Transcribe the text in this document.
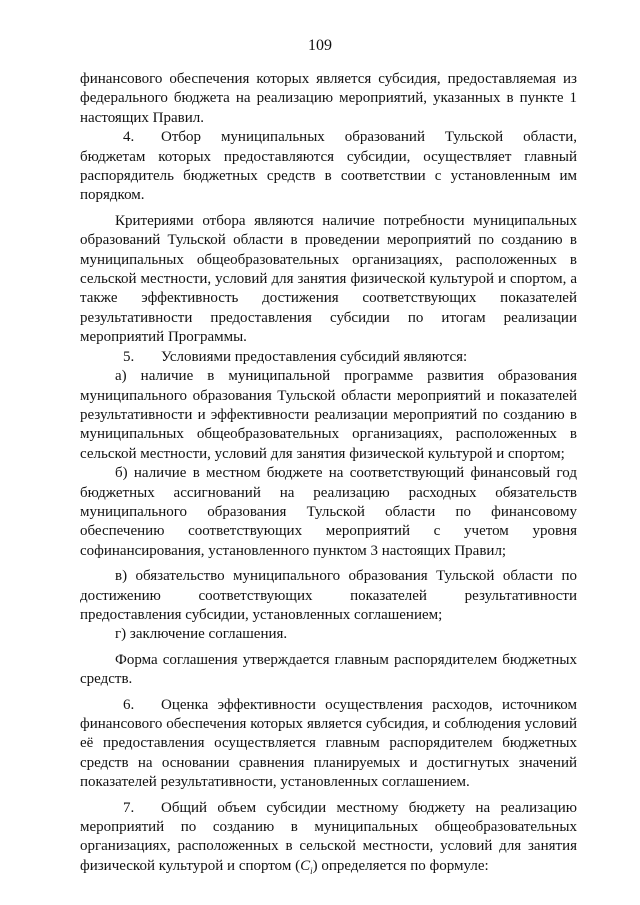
109

финансового обеспечения которых является субсидия, предоставляемая из федерального бюджета на реализацию мероприятий, указанных в пункте 1 настоящих Правил.

4. Отбор муниципальных образований Тульской области, бюджетам которых предоставляются субсидии, осуществляет главный распорядитель бюджетных средств в соответствии с установленным им порядком.

Критериями отбора являются наличие потребности муниципальных образований Тульской области в проведении мероприятий по созданию в муниципальных общеобразовательных организациях, расположенных в сельской местности, условий для занятия физической культурой и спортом, а также эффективность достижения соответствующих показателей результативности предоставления субсидии по итогам реализации мероприятий Программы.

5. Условиями предоставления субсидий являются:

а) наличие в муниципальной программе развития образования муниципального образования Тульской области мероприятий и показателей результативности и эффективности реализации мероприятий по созданию в муниципальных общеобразовательных организациях, расположенных в сельской местности, условий для занятия физической культурой и спортом;

б) наличие в местном бюджете на соответствующий финансовый год бюджетных ассигнований на реализацию расходных обязательств муниципального образования Тульской области по финансовому обеспечению соответствующих мероприятий с учетом уровня софинансирования, установленного пунктом 3 настоящих Правил;

в) обязательство муниципального образования Тульской области по достижению соответствующих показателей результативности предоставления субсидии, установленных соглашением;

г) заключение соглашения.

Форма соглашения утверждается главным распорядителем бюджетных средств.

6. Оценка эффективности осуществления расходов, источником финансового обеспечения которых является субсидия, и соблюдения условий её предоставления осуществляется главным распорядителем бюджетных средств на основании сравнения планируемых и достигнутых значений показателей результативности, установленных соглашением.

7. Общий объем субсидии местному бюджету на реализацию мероприятий по созданию в муниципальных общеобразовательных организациях, расположенных в сельской местности, условий для занятия физической культурой и спортом $(C_i)$ определяется по формуле:
